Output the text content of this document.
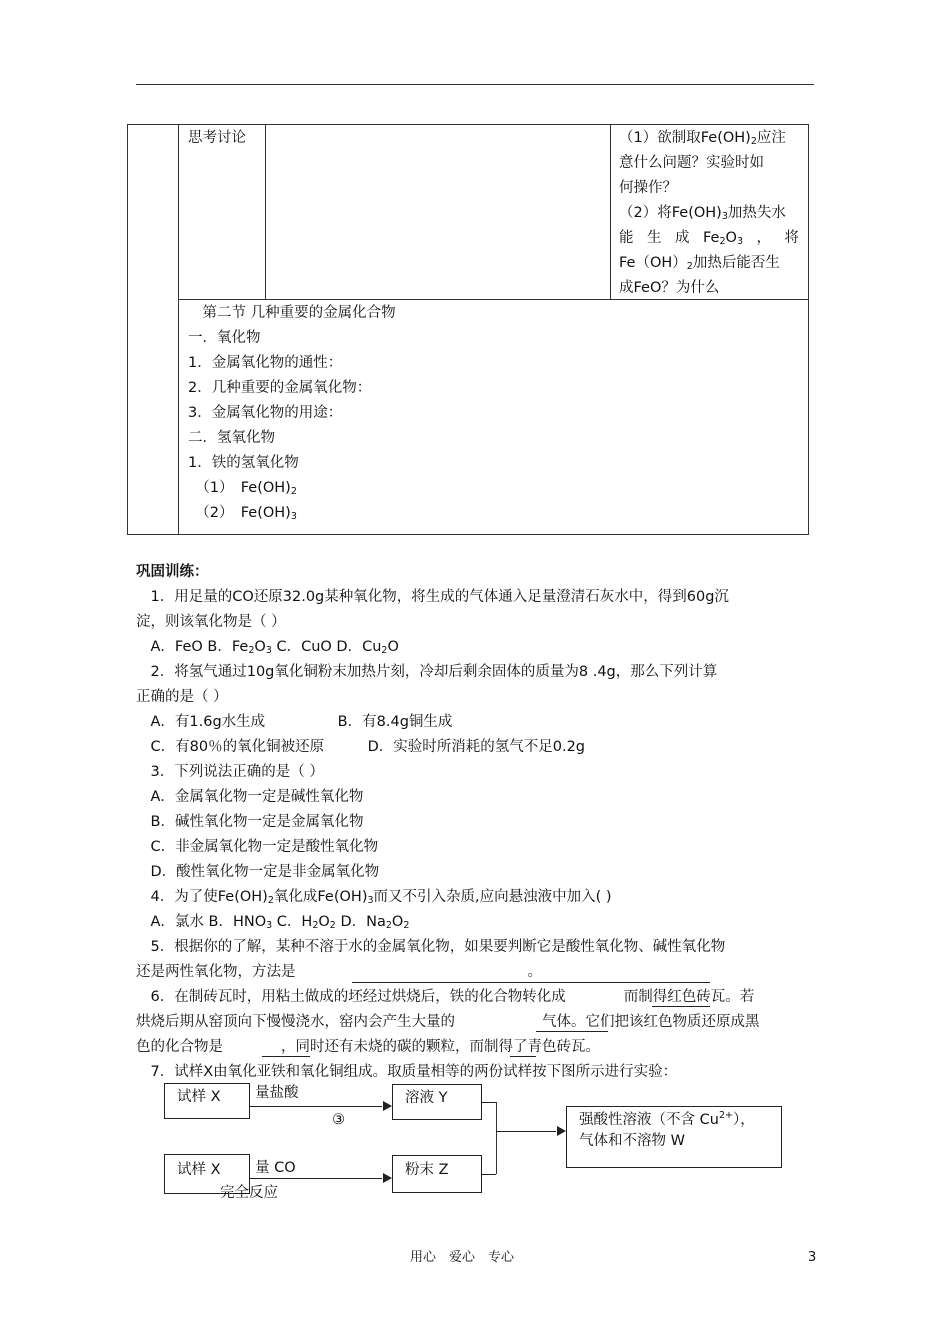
思考讨论	（1）欲制取$Fe(OH)_2$应注
意什么问题？实验时如
何操作？
（2）将$Fe(OH)_3$加热失水
能 生 成 $Fe_2O_3$ ， 将
$Fe(OH)_2$加热后能否生
成FeO？为什么
　第二节 几种重要的金属化合物
一．氧化物
1．金属氧化物的通性：
2．几种重要的金属氧化物：
3．金属氧化物的用途：
二．氢氧化物
1．铁的氢氧化物
　（1）　$Fe(OH)_2$
　（2）　$Fe(OH)_3$
巩固训练：
　1．用足量的CO还原32.0g某种氧化物，将生成的气体通入足量澄清石灰水中，得到60g沉
淀，则该氧化物是（ ）
　A．FeO B．$Fe_2O_3$ C．CuO D．$Cu_2O$
　2．将氢气通过10g氧化铜粉末加热片刻，冷却后剩余固体的质量为8 .4g，那么下列计算
正确的是（ ）
　A．有1.6g水生成　　　　　B．有8.4g铜生成
　C．有80％的氧化铜被还原　　　D．实验时所消耗的氢气不足0.2g
　3．下列说法正确的是（ ）
　A．金属氧化物一定是碱性氧化物
　B．碱性氧化物一定是金属氧化物
　C．非金属氧化物一定是酸性氧化物
　D．酸性氧化物一定是非金属氧化物
　4．为了使$Fe(OH)_2$氧化成$Fe(OH)_3$而又不引入杂质,应向悬浊液中加入( )
　A．氯水 B．$HNO_3$ C．$H_2O_2$ D．$Na_2O_2$
　5．根据你的了解，某种不溶于水的金属氧化物，如果要判断它是酸性氧化物、碱性氧化物
还是两性氧化物，方法是　　　　　　　　　　　　　　　　。
　6．在制砖瓦时，用粘土做成的坯经过烘烧后，铁的化合物转化成　　　　而制得红色砖瓦。若
烘烧后期从窑顶向下慢慢浇水，窑内会产生大量的　　　　　　气体。它们把该红色物质还原成黑
色的化合物是　　　　，同时还有未烧的碳的颗粒，而制得了青色砖瓦。
　7．试样X由氧化亚铁和氧化铜组成。取质量相等的两份试样按下图所示进行实验：
试样 X 量盐酸
③
溶液 Y
试样 X 量 CO
完全反应
粉末 Z
强酸性溶液（不含 $Cu^{2+}$），
气体和不溶物 W
用心　爱心　专心	3
